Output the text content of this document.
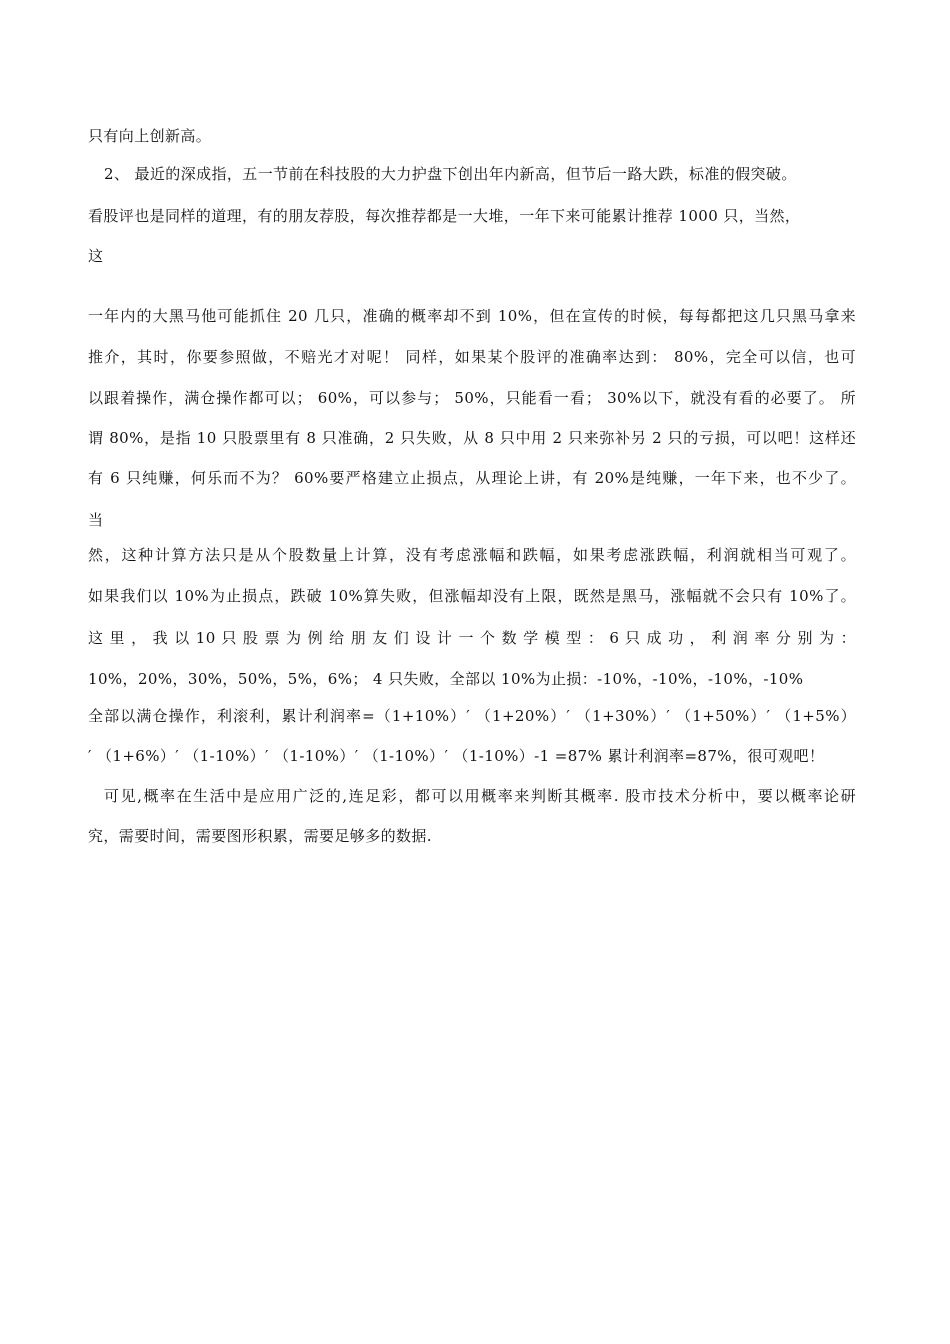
只有向上创新高。
2、 最近的深成指，五一节前在科技股的大力护盘下创出年内新高，但节后一路大跌，标准的假突破。
看股评也是同样的道理，有的朋友荐股，每次推荐都是一大堆，一年下来可能累计推荐 1000 只，当然，
这
一年内的大黑马他可能抓住 20 几只，准确的概率却不到 10%，但在宣传的时候，每每都把这几只黑马拿来
推介，其时，你要参照做，不赔光才对呢！ 同样，如果某个股评的准确率达到： 80%，完全可以信，也可
以跟着操作，满仓操作都可以； 60%，可以参与； 50%，只能看一看； 30%以下，就没有看的必要了。 所
谓 80%，是指 10 只股票里有 8 只准确，2 只失败，从 8 只中用 2 只来弥补另 2 只的亏损，可以吧！这样还
有 6 只纯赚，何乐而不为？ 60%要严格建立止损点，从理论上讲，有 20%是纯赚，一年下来，也不少了。
当
然，这种计算方法只是从个股数量上计算，没有考虑涨幅和跌幅，如果考虑涨跌幅，利润就相当可观了。
如果我们以 10%为止损点，跌破 10%算失败，但涨幅却没有上限，既然是黑马，涨幅就不会只有 10%了。
这 里 ， 我 以 10 只 股 票 为 例 给 朋 友 们 设 计 一 个 数 学 模 型 ： 6 只 成 功 ， 利 润 率 分 别 为 ：
10%，20%，30%，50%，5%，6%； 4 只失败，全部以 10%为止损：-10%，-10%，-10%，-10%
全部以满仓操作，利滚利，累计利润率=（1+10%）′ （1+20%）′ （1+30%）′ （1+50%）′ （1+5%）
′ （1+6%）′ （1-10%）′ （1-10%）′ （1-10%）′ （1-10%）-1 =87% 累计利润率=87%，很可观吧！
可见,概率在生活中是应用广泛的,连足彩，都可以用概率来判断其概率. 股市技术分析中，要以概率论研
究，需要时间，需要图形积累，需要足够多的数据.
